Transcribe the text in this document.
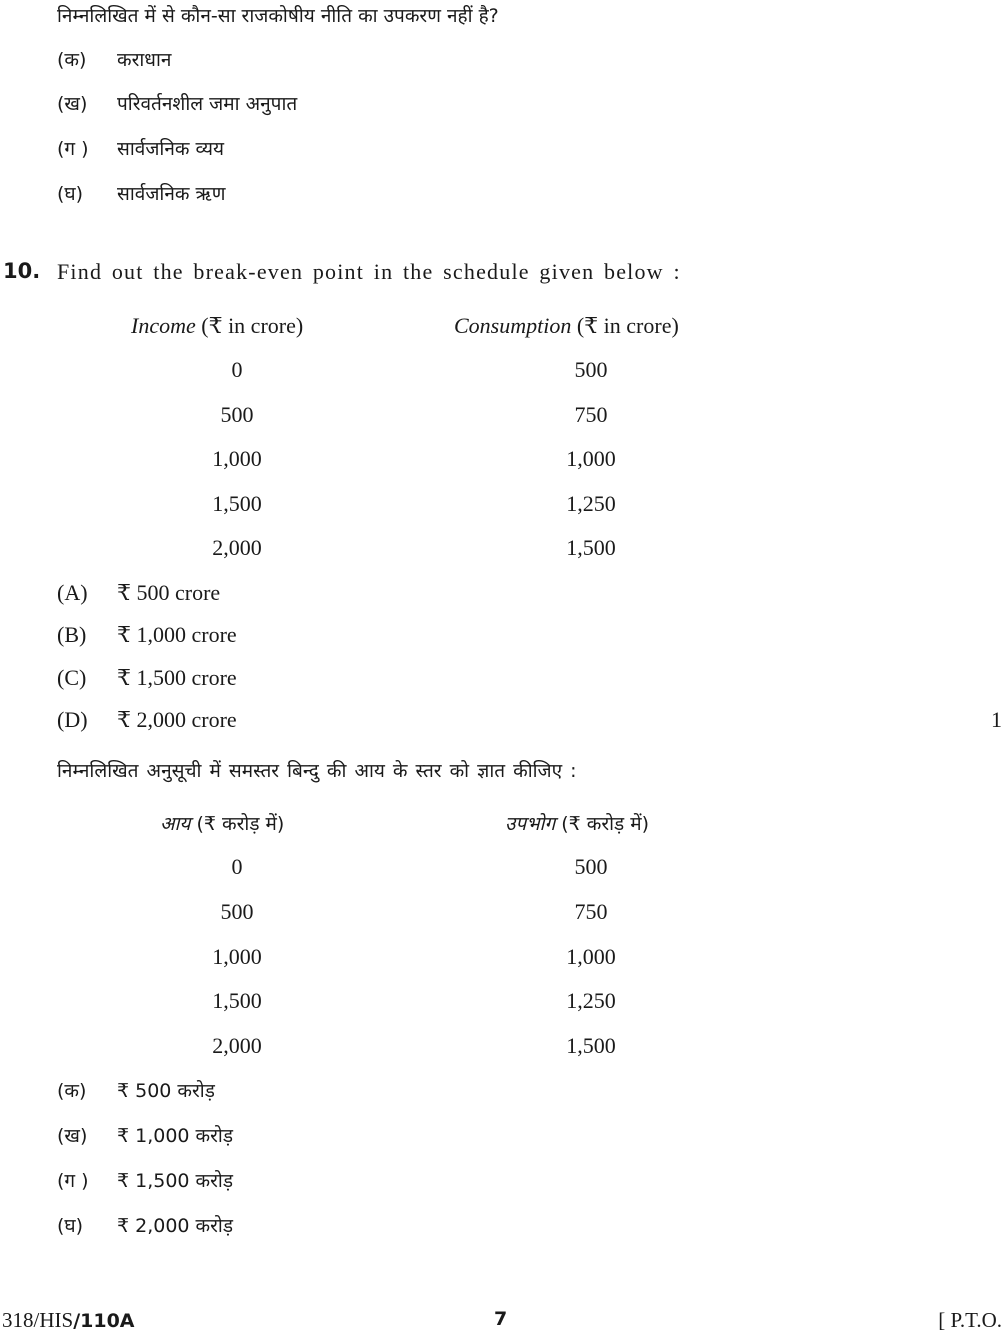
निम्नलिखित में से कौन-सा राजकोषीय नीति का उपकरण नहीं है?
(क) कराधान
(ख) परिवर्तनशील जमा अनुपात
(ग ) सार्वजनिक व्यय
(घ) सार्वजनिक ऋण
10. Find out the break-even point in the schedule given below :
Income (₹ in crore)	Consumption (₹ in crore)
0	500
500	750
1,000	1,000
1,500	1,250
2,000	1,500
(A) ₹ 500 crore
(B) ₹ 1,000 crore
(C) ₹ 1,500 crore
(D) ₹ 2,000 crore	1
निम्नलिखित अनुसूची में समस्तर बिन्दु की आय के स्तर को ज्ञात कीजिए :
आय (₹ करोड़ में)	उपभोग (₹ करोड़ में)
0	500
500	750
1,000	1,000
1,500	1,250
2,000	1,500
(क) ₹ 500 करोड़
(ख) ₹ 1,000 करोड़
(ग ) ₹ 1,500 करोड़
(घ) ₹ 2,000 करोड़
318/HIS/110A	7	[ P.T.O.
